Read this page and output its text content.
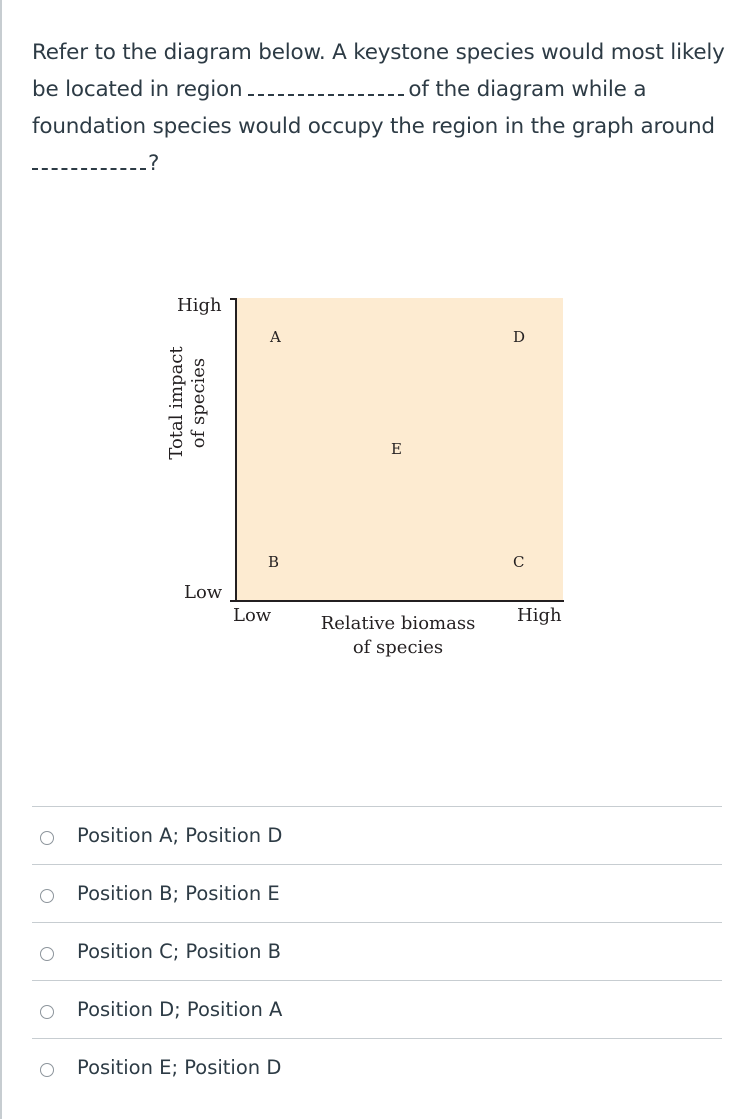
Refer to the diagram below. A keystone species would most likely be located in region	of the diagram while a foundation species would occupy the region in the graph around
?
High
Low
Total impact of species
Low	High
Relative biomass
of species
A
B	C
D
E
Position A; Position D
Position B; Position E
Position C; Position B
Position D; Position A
Position E; Position D
